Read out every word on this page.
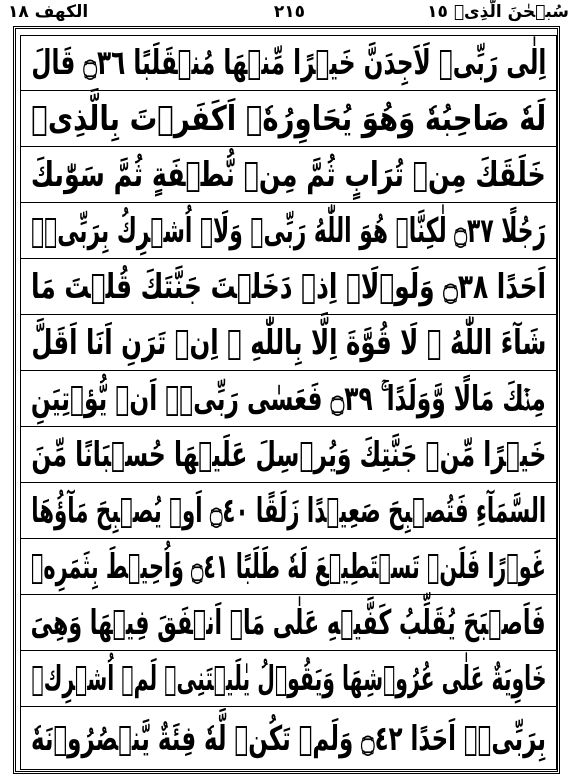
الكهف ١٨	٢١٥	سُبۡحٰنَ الَّذِیۡ ١٥
اِلٰی رَبِّیۡ لَاَجِدَنَّ خَیۡرًا مِّنۡهَا مُنۡقَلَبًا ۝٣٦ قَالَ
لَهٗ صَاحِبُهٗ وَهُوَ یُحَاوِرُهٗۤ اَكَفَرۡتَ بِالَّذِیۡ
خَلَقَكَ مِنۡ تُرَابٍ ثُمَّ مِنۡ نُّطۡفَةٍ ثُمَّ سَوّٰىكَ
رَجُلًا ۝٣٧ لٰكِنَّا۠ هُوَ اللّٰهُ رَبِّیۡ وَلَاۤ اُشۡرِكُ بِرَبِّیۡۤ
اَحَدًا ۝٣٨ وَلَوۡلَاۤ اِذۡ دَخَلۡتَ جَنَّتَكَ قُلۡتَ مَا
شَآءَ اللّٰهُ ۙ لَا قُوَّةَ اِلَّا بِاللّٰهِ ۚ اِنۡ تَرَنِ اَنَا اَقَلَّ
مِنۡكَ مَالًا وَّوَلَدًا ۚ ۝٣٩ فَعَسٰی رَبِّیۡۤ اَنۡ یُّؤۡتِیَنِ
خَیۡرًا مِّنۡ جَنَّتِكَ وَیُرۡسِلَ عَلَیۡهَا حُسۡبَانًا مِّنَ
السَّمَآءِ فَتُصۡبِحَ صَعِیۡدًا زَلَقًا ۝٤٠ اَوۡ یُصۡبِحَ مَآؤُهَا
غَوۡرًا فَلَنۡ تَسۡتَطِیۡعَ لَهٗ طَلَبًا ۝٤١ وَاُحِیۡطَ بِثَمَرِهٖ
فَاَصۡبَحَ یُقَلِّبُ كَفَّیۡهِ عَلٰی مَاۤ اَنۡفَقَ فِیۡهَا وَهِیَ
خَاوِیَةٌ عَلٰی عُرُوۡشِهَا وَیَقُوۡلُ یٰلَیۡتَنِیۡ لَمۡ اُشۡرِكۡ
بِرَبِّیۡۤ اَحَدًا ۝٤٢ وَلَمۡ تَكُنۡ لَّهٗ فِئَةٌ یَّنۡصُرُوۡنَهٗ
